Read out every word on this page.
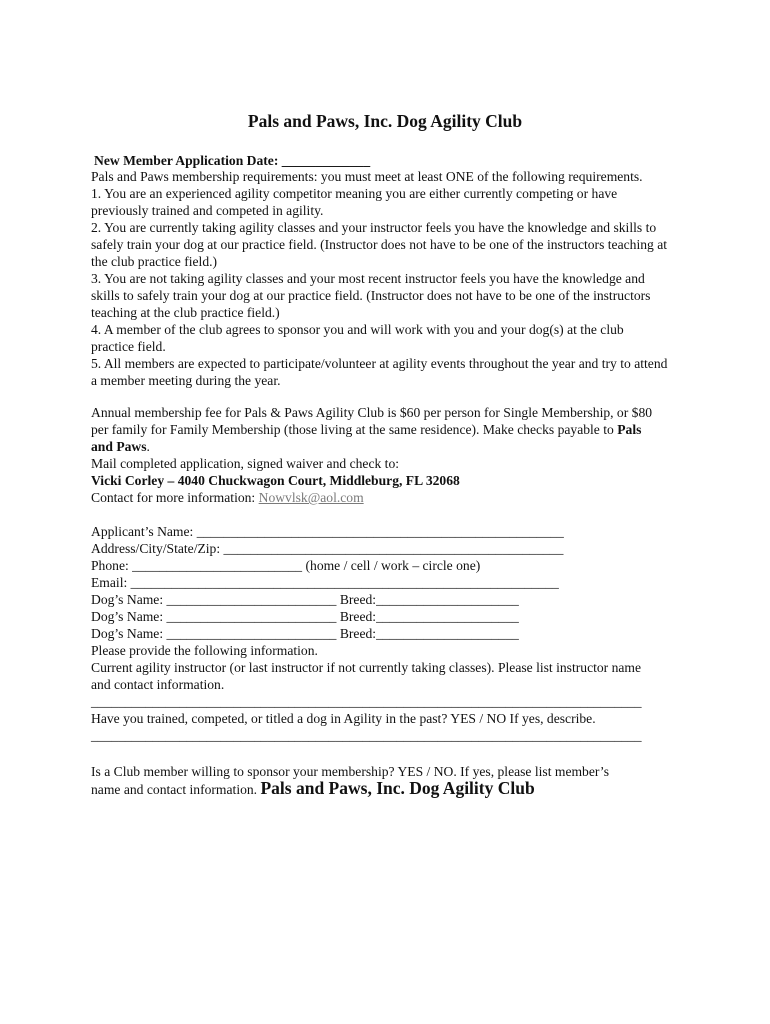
Pals and Paws, Inc. Dog Agility Club
New Member Application Date: _____________
Pals and Paws membership requirements: you must meet at least ONE of the following requirements.
1. You are an experienced agility competitor meaning you are either currently competing or have
previously trained and competed in agility.
2. You are currently taking agility classes and your instructor feels you have the knowledge and skills to
safely train your dog at our practice field. (Instructor does not have to be one of the instructors teaching at
the club practice field.)
3. You are not taking agility classes and your most recent instructor feels you have the knowledge and
skills to safely train your dog at our practice field. (Instructor does not have to be one of the instructors
teaching at the club practice field.)
4. A member of the club agrees to sponsor you and will work with you and your dog(s) at the club
practice field.
5. All members are expected to participate/volunteer at agility events throughout the year and try to attend
a member meeting during the year.
Annual membership fee for Pals & Paws Agility Club is $60 per person for Single Membership, or $80
per family for Family Membership (those living at the same residence). Make checks payable to Pals
and Paws.
Mail completed application, signed waiver and check to:
Vicki Corley – 4040 Chuckwagon Court, Middleburg, FL 32068
Contact for more information: Nowvlsk@aol.com
Applicant’s Name: ______________________________________________________
Address/City/State/Zip: __________________________________________________
Phone: _________________________ (home / cell / work – circle one)
Email: _______________________________________________________________
Dog’s Name: _________________________ Breed:_____________________
Dog’s Name: _________________________ Breed:_____________________
Dog’s Name: _________________________ Breed:_____________________
Please provide the following information.
Current agility instructor (or last instructor if not currently taking classes). Please list instructor name
and contact information.
_________________________________________________________________________________
Have you trained, competed, or titled a dog in Agility in the past? YES / NO If yes, describe.
_________________________________________________________________________________
Is a Club member willing to sponsor your membership? YES / NO. If yes, please list member’s
name and contact information. Pals and Paws, Inc. Dog Agility Club
